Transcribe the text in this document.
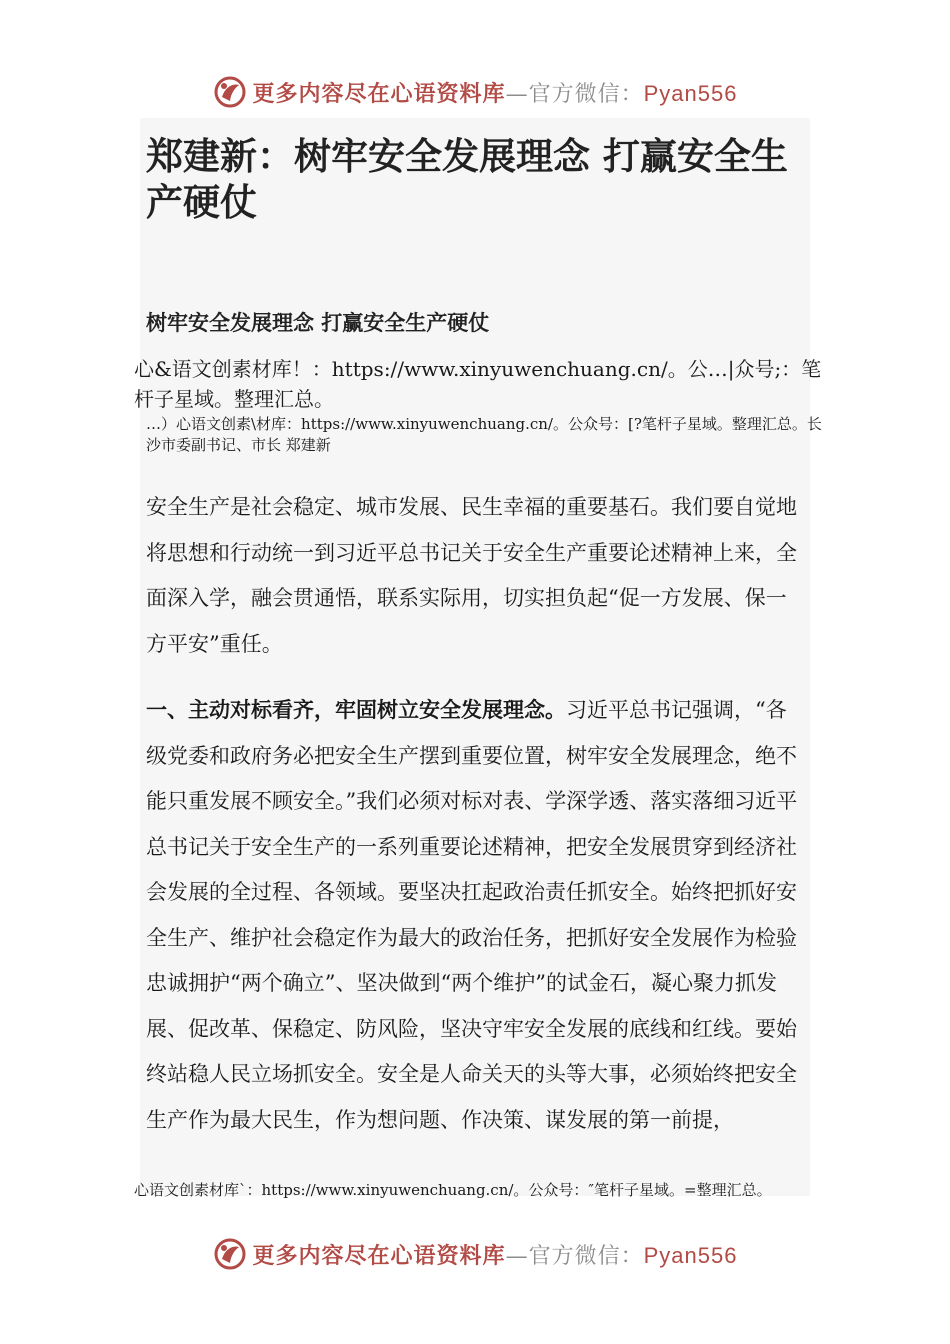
更多内容尽在心语资料库—官方微信：Pyan556
郑建新：树牢安全发展理念 打赢安全生产硬仗
树牢安全发展理念 打赢安全生产硬仗

心&语文创素材库！：https://www.xinyuwenchuang.cn/。公…|众号;：笔杆子星域。整理汇总。

…）心语文创素\材库：https://www.xinyuwenchuang.cn/。公众号：[?笔杆子星域。整理汇总。长沙市委副书记、市长 郑建新

安全生产是社会稳定、城市发展、民生幸福的重要基石。我们要自觉地将思想和行动统一到习近平总书记关于安全生产重要论述精神上来，全面深入学，融会贯通悟，联系实际用，切实担负起“促一方发展、保一方平安”重任。

一、主动对标看齐，牢固树立安全发展理念。习近平总书记强调，“各级党委和政府务必把安全生产摆到重要位置，树牢安全发展理念，绝不能只重发展不顾安全。”我们必须对标对表、学深学透、落实落细习近平总书记关于安全生产的一系列重要论述精神，把安全发展贯穿到经济社会发展的全过程、各领域。要坚决扛起政治责任抓安全。始终把抓好安全生产、维护社会稳定作为最大的政治任务，把抓好安全发展作为检验忠诚拥护“两个确立”、坚决做到“两个维护”的试金石，凝心聚力抓发展、促改革、保稳定、防风险，坚决守牢安全发展的底线和红线。要始终站稳人民立场抓安全。安全是人命关天的头等大事，必须始终把安全生产作为最大民生，作为想问题、作决策、谋发展的第一前提，

心语文创素材库`：https://www.xinyuwenchuang.cn/。公众号：″笔杆子星域。=整理汇总。

更多内容尽在心语资料库—官方微信：Pyan556
